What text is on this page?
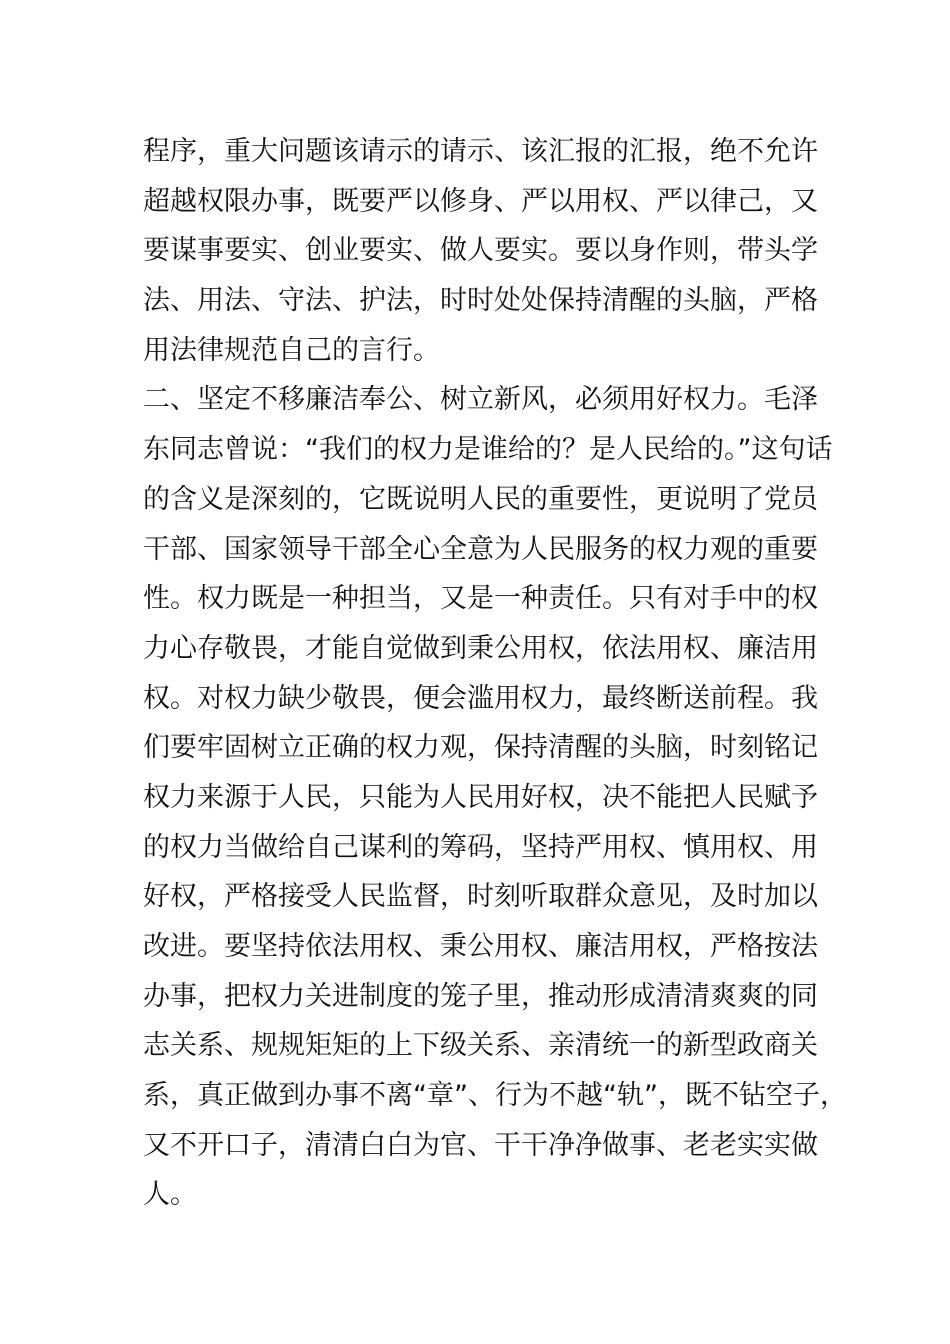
程序，重大问题该请示的请示、该汇报的汇报，绝不允许
超越权限办事，既要严以修身、严以用权、严以律己，又
要谋事要实、创业要实、做人要实。要以身作则，带头学
法、用法、守法、护法，时时处处保持清醒的头脑，严格
用法律规范自己的言行。
二、坚定不移廉洁奉公、树立新风，必须用好权力。毛泽
东同志曾说：“我们的权力是谁给的？是人民给的。”这句话
的含义是深刻的，它既说明人民的重要性，更说明了党员
干部、国家领导干部全心全意为人民服务的权力观的重要
性。权力既是一种担当，又是一种责任。只有对手中的权
力心存敬畏，才能自觉做到秉公用权，依法用权、廉洁用
权。对权力缺少敬畏，便会滥用权力，最终断送前程。我
们要牢固树立正确的权力观，保持清醒的头脑，时刻铭记
权力来源于人民，只能为人民用好权，决不能把人民赋予
的权力当做给自己谋利的筹码，坚持严用权、慎用权、用
好权，严格接受人民监督，时刻听取群众意见，及时加以
改进。要坚持依法用权、秉公用权、廉洁用权，严格按法
办事，把权力关进制度的笼子里，推动形成清清爽爽的同
志关系、规规矩矩的上下级关系、亲清统一的新型政商关
系，真正做到办事不离“章”、行为不越“轨”，既不钻空子，
又不开口子，清清白白为官、干干净净做事、老老实实做
人。
